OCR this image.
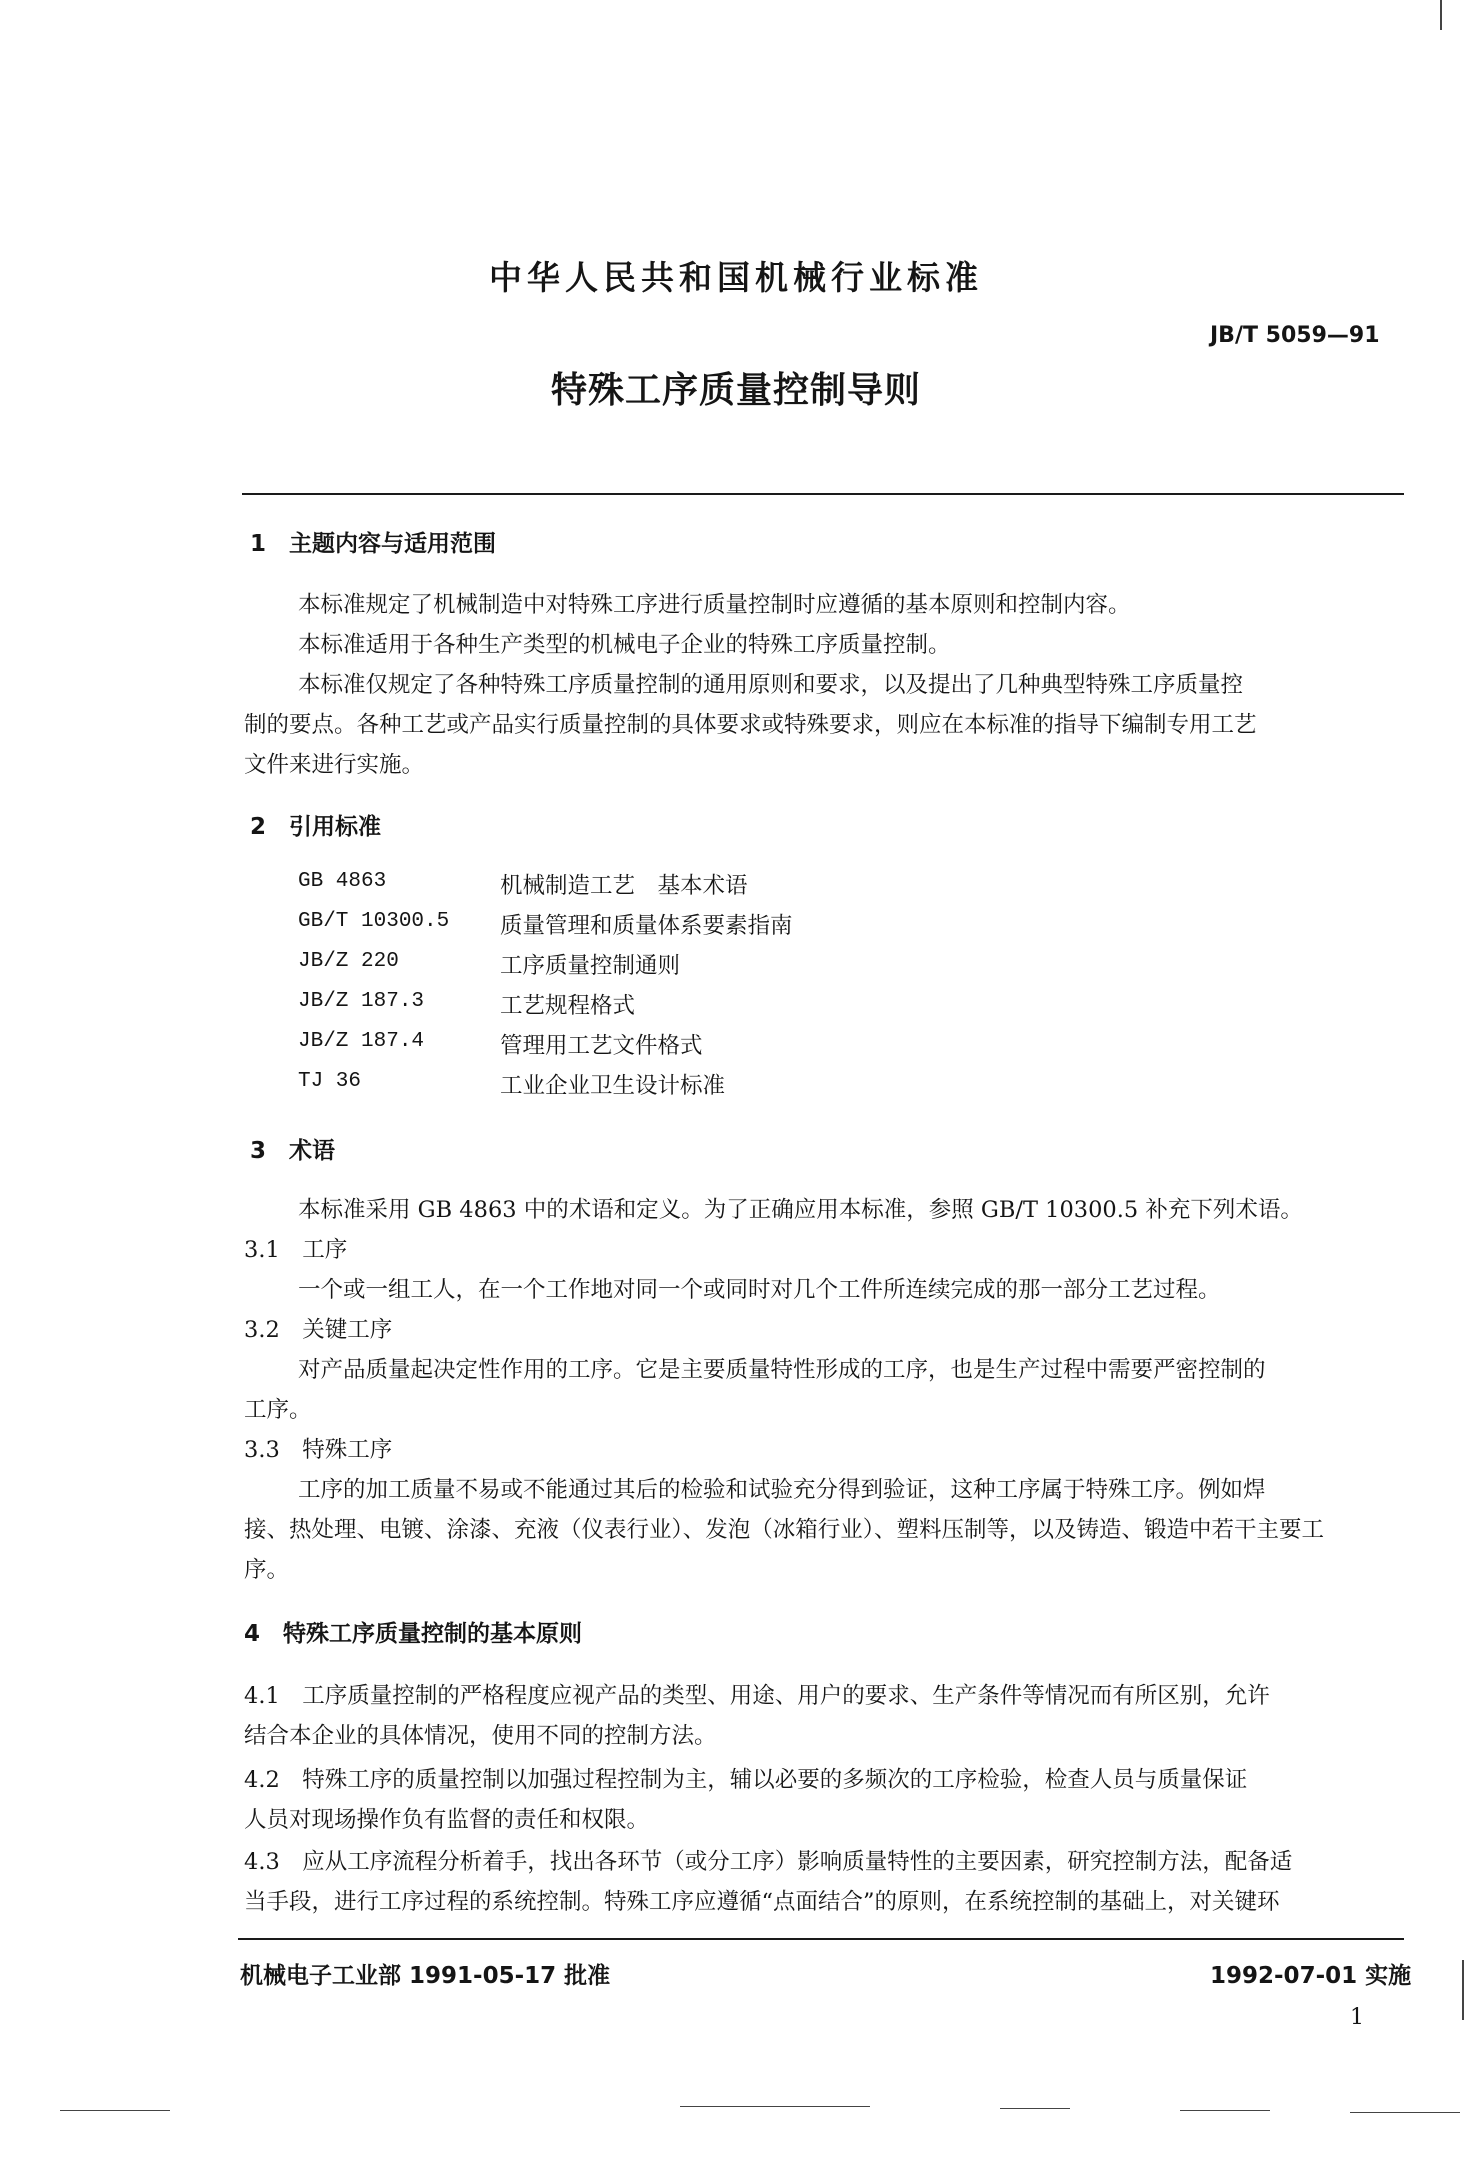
中华人民共和国机械行业标准
JB/T 5059—91
特殊工序质量控制导则
1　主题内容与适用范围
本标准规定了机械制造中对特殊工序进行质量控制时应遵循的基本原则和控制内容。
本标准适用于各种生产类型的机械电子企业的特殊工序质量控制。
本标准仅规定了各种特殊工序质量控制的通用原则和要求，以及提出了几种典型特殊工序质量控
制的要点。各种工艺或产品实行质量控制的具体要求或特殊要求，则应在本标准的指导下编制专用工艺
文件来进行实施。
2　引用标准
GB 4863	机械制造工艺　基本术语
GB/T 10300.5 质量管理和质量体系要素指南
JB/Z 220	工序质量控制通则
JB/Z 187.3	工艺规程格式
JB/Z 187.4	管理用工艺文件格式
TJ 36	工业企业卫生设计标准
3　术语
本标准采用 GB 4863 中的术语和定义。为了正确应用本标准，参照 GB/T 10300.5 补充下列术语。
3.1　工序
一个或一组工人，在一个工作地对同一个或同时对几个工件所连续完成的那一部分工艺过程。
3.2　关键工序
对产品质量起决定性作用的工序。它是主要质量特性形成的工序，也是生产过程中需要严密控制的
工序。
3.3　特殊工序
工序的加工质量不易或不能通过其后的检验和试验充分得到验证，这种工序属于特殊工序。例如焊
接、热处理、电镀、涂漆、充液（仪表行业）、发泡（冰箱行业）、塑料压制等，以及铸造、锻造中若干主要工
序。
4　特殊工序质量控制的基本原则
4.1　工序质量控制的严格程度应视产品的类型、用途、用户的要求、生产条件等情况而有所区别，允许
结合本企业的具体情况，使用不同的控制方法。
4.2　特殊工序的质量控制以加强过程控制为主，辅以必要的多频次的工序检验，检查人员与质量保证
人员对现场操作负有监督的责任和权限。
4.3　应从工序流程分析着手，找出各环节（或分工序）影响质量特性的主要因素，研究控制方法，配备适
当手段，进行工序过程的系统控制。特殊工序应遵循“点面结合”的原则，在系统控制的基础上，对关键环
机械电子工业部 1991-05-17 批准	1992-07-01 实施
1
